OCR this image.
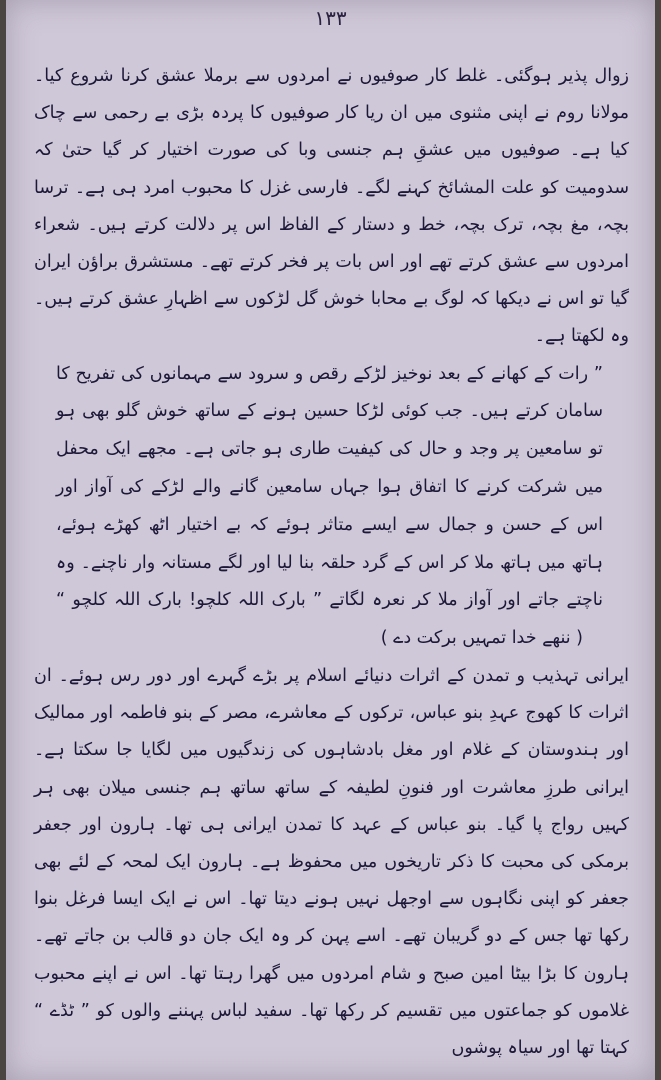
١٣٣

زوال پذیر ہوگئی۔ غلط کار صوفیوں نے امردوں سے برملا عشق کرنا شروع کیا۔ مولانا روم نے اپنی مثنوی میں ان ریا کار صوفیوں کا پردہ بڑی بے رحمی سے چاک کیا ہے۔ صوفیوں میں عشقِ ہم جنسی وبا کی صورت اختیار کر گیا حتیٰ کہ سدومیت کو علت المشائخ کہنے لگے۔ فارسی غزل کا محبوب امرد ہی ہے۔ ترسا بچہ، مغ بچہ، ترک بچہ، خط و دستار کے الفاظ اس پر دلالت کرتے ہیں۔ شعراء امردوں سے عشق کرتے تھے اور اس بات پر فخر کرتے تھے۔ مستشرق براؤن ایران گیا تو اس نے دیکھا کہ لوگ بے محابا خوش گل لڑکوں سے اظہارِ عشق کرتے ہیں۔ وہ لکھتا ہے۔

” رات کے کھانے کے بعد نوخیز لڑکے رقص و سرود سے مہمانوں کی تفریح کا سامان کرتے ہیں۔ جب کوئی لڑکا حسین ہونے کے ساتھ خوش گلو بھی ہو تو سامعین پر وجد و حال کی کیفیت طاری ہو جاتی ہے۔ مجھے ایک محفل میں شرکت کرنے کا اتفاق ہوا جہاں سامعین گانے والے لڑکے کی آواز اور اس کے حسن و جمال سے ایسے متاثر ہوئے کہ بے اختیار اٹھ کھڑے ہوئے، ہاتھ میں ہاتھ ملا کر اس کے گرد حلقہ بنا لیا اور لگے مستانہ وار ناچنے۔ وہ ناچتے جاتے اور آواز ملا کر نعرہ لگاتے ” بارک اللہ کلچو! بارک اللہ کلچو “ ( ننھے خدا تمہیں برکت دے )

ایرانی تہذیب و تمدن کے اثرات دنیائے اسلام پر بڑے گہرے اور دور رس ہوئے۔ ان اثرات کا کھوج عہدِ بنو عباس، ترکوں کے معاشرے، مصر کے بنو فاطمہ اور ممالیک اور ہندوستان کے غلام اور مغل بادشاہوں کی زندگیوں میں لگایا جا سکتا ہے۔ ایرانی طرزِ معاشرت اور فنونِ لطیفہ کے ساتھ ساتھ ہم جنسی میلان بھی ہر کہیں رواج پا گیا۔ بنو عباس کے عہد کا تمدن ایرانی ہی تھا۔ ہارون اور جعفر برمکی کی محبت کا ذکر تاریخوں میں محفوظ ہے۔ ہارون ایک لمحہ کے لئے بھی جعفر کو اپنی نگاہوں سے اوجھل نہیں ہونے دیتا تھا۔ اس نے ایک ایسا فرغل بنوا رکھا تھا جس کے دو گریبان تھے۔ اسے پہن کر وہ ایک جان دو قالب بن جاتے تھے۔ ہارون کا بڑا بیٹا امین صبح و شام امردوں میں گھرا رہتا تھا۔ اس نے اپنے محبوب غلاموں کو جماعتوں میں تقسیم کر رکھا تھا۔ سفید لباس پہننے والوں کو ” ٹڈے “ کہتا تھا اور سیاہ پوشوں
